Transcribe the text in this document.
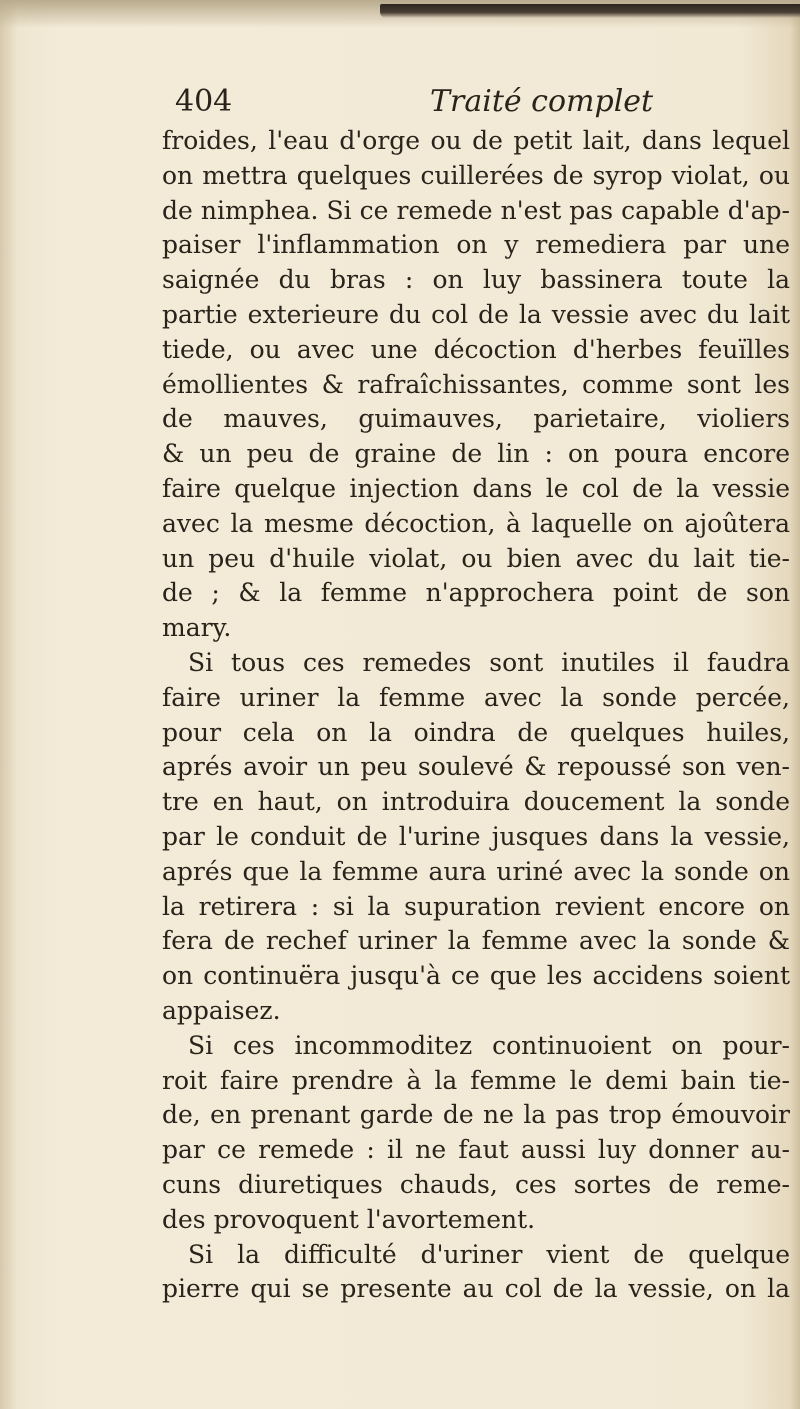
404	Traité complet
froides, l'eau d'orge ou de petit lait, dans lequel
on mettra quelques cuillerées de syrop violat, ou
de nimphea. Si ce remede n'est pas capable d'ap-
paiser l'inflammation on y remediera par une
saignée du bras : on luy bassinera toute la
partie exterieure du col de la vessie avec du lait
tiede, ou avec une décoction d'herbes feuïlles
émollientes & rafraîchissantes, comme sont les
de mauves, guimauves, parietaire, violiers
& un peu de graine de lin : on poura encore
faire quelque injection dans le col de la vessie
avec la mesme décoction, à laquelle on ajoûtera
un peu d'huile violat, ou bien avec du lait tie-
de ; & la femme n'approchera point de son
mary.
Si tous ces remedes sont inutiles il faudra
faire uriner la femme avec la sonde percée,
pour cela on la oindra de quelques huiles,
aprés avoir un peu soulevé & repoussé son ven-
tre en haut, on introduira doucement la sonde
par le conduit de l'urine jusques dans la vessie,
aprés que la femme aura uriné avec la sonde on
la retirera : si la supuration revient encore on
fera de rechef uriner la femme avec la sonde &
on continuëra jusqu'à ce que les accidens soient
appaisez.
Si ces incommoditez continuoient on pour-
roit faire prendre à la femme le demi bain tie-
de, en prenant garde de ne la pas trop émouvoir
par ce remede : il ne faut aussi luy donner au-
cuns diuretiques chauds, ces sortes de reme-
des provoquent l'avortement.
Si la difficulté d'uriner vient de quelque
pierre qui se presente au col de la vessie, on la
